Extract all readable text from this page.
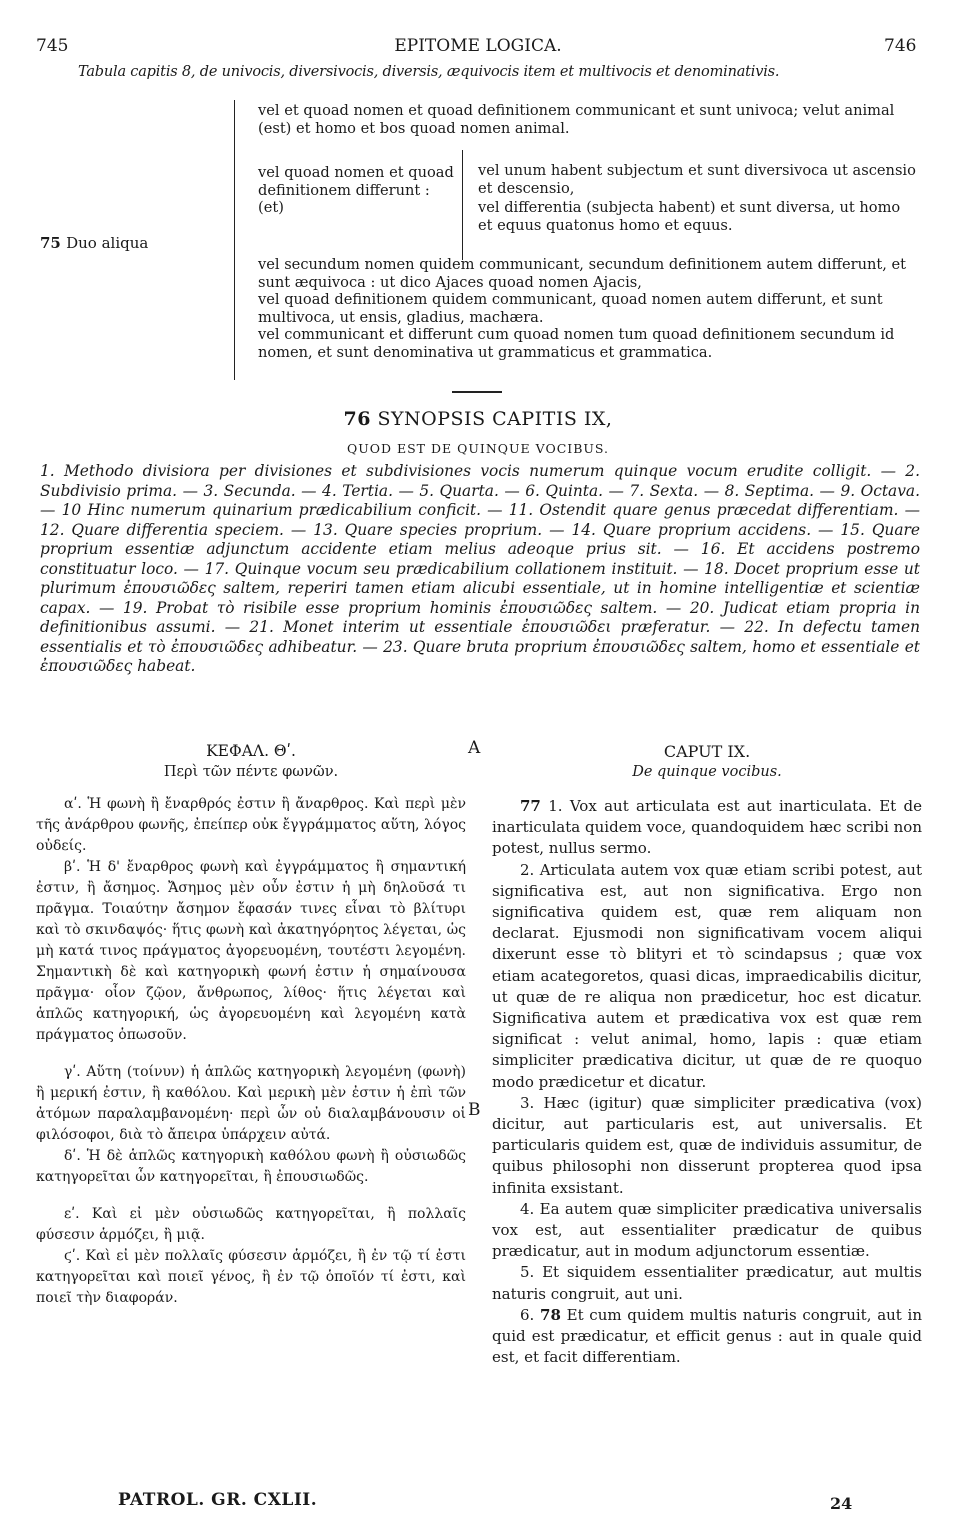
745	EPITOME LOGICA.	746
Tabula capitis 8, de univocis, diversivocis, diversis, æquivocis item et multivocis et denominativis.
75 Duo aliqua
vel et quoad nomen et quoad definitionem communicant et sunt univoca; velut animal (est) et homo et bos quoad nomen animal.
vel quoad nomen et quoad definitionem differunt : (et)
vel unum habent subjectum et sunt diversivoca ut ascensio et descensio,
vel differentia (subjecta habent) et sunt diversa, ut homo et equus quatonus homo et equus.
vel secundum nomen quidem communicant, secundum definitionem autem differunt, et sunt æquivoca : ut dico Ajaces quoad nomen Ajacis,
vel quoad definitionem quidem communicant, quoad nomen autem differunt, et sunt multivoca, ut ensis, gladius, machæra.
vel communicant et differunt cum quoad nomen tum quoad definitionem secundum id nomen, et sunt denominativa ut grammaticus et grammatica.
76 SYNOPSIS CAPITIS IX,
QUOD EST DE QUINQUE VOCIBUS.
1. Methodo divisiora per divisiones et subdivisiones vocis numerum quinque vocum erudite colligit. — 2. Subdivisio prima. — 3. Secunda. — 4. Tertia. — 5. Quarta. — 6. Quinta. — 7. Sexta. — 8. Septima. — 9. Octava. — 10 Hinc numerum quinarium prædicabilium conficit. — 11. Ostendit quare genus præcedat differentiam. — 12. Quare differentia speciem. — 13. Quare species proprium. — 14. Quare proprium accidens. — 15. Quare proprium essentiæ adjunctum accidente etiam melius adeoque prius sit. — 16. Et accidens postremo constituatur loco. — 17. Quinque vocum seu prædicabilium collationem instituit. — 18. Docet proprium esse ut plurimum ἐπουσιῶδες saltem, reperiri tamen etiam alicubi essentiale, ut in homine intelligentiæ et scientiæ capax. — 19. Probat τὸ risibile esse proprium hominis ἐπουσιῶδες saltem. — 20. Judicat etiam propria in definitionibus assumi. — 21. Monet interim ut essentiale ἐπουσιῶδει præferatur. — 22. In defectu tamen essentialis et τὸ ἐπουσιῶδες adhibeatur. — 23. Quare bruta proprium ἐπουσιῶδες saltem, homo et essentiale et ἐπουσιῶδες habeat.
ΚΕΦΑΛ. Θʹ.
Περὶ τῶν πέντε φωνῶν.
CAPUT IX.
De quinque vocibus.
A
B

αʹ. Ἡ φωνὴ ἢ ἔναρθρός ἐστιν ἢ ἄναρθρος. Καὶ περὶ μὲν τῆς ἀνάρθρου φωνῆς, ἐπείπερ οὐκ ἔγγράμματος αὕτη, λόγος οὐδείς.

βʹ. Ἡ δ' ἔναρθρος φωνὴ καὶ ἐγγράμματος ἢ σημαντική ἐστιν, ἢ ἄσημος. Ἄσημος μὲν οὖν ἐστιν ἡ μὴ δηλοῦσά τι πρᾶγμα. Τοιαύτην ἄσημον ἔφασάν τινες εἶναι τὸ βλίτυρι καὶ τὸ σκινδαψός· ἥτις φωνὴ καὶ ἀκατηγόρητος λέγεται, ὡς μὴ κατά τινος πράγματος ἀγορευομένη, τουτέστι λεγομένη. Σημαντικὴ δὲ καὶ κατηγορικὴ φωνή ἐστιν ἡ σημαίνουσα πρᾶγμα· οἷον ζῷον, ἄνθρωπος, λίθος· ἥτις λέγεται καὶ ἁπλῶς κατηγορική, ὡς ἀγορευομένη καὶ λεγομένη κατὰ πράγματος ὁπωσοῦν.

γʹ. Αὕτη (τοίνυν) ἡ ἁπλῶς κατηγορικὴ λεγομένη (φωνὴ) ἢ μερική ἐστιν, ἢ καθόλου. Καὶ μερικὴ μὲν ἐστιν ἡ ἐπὶ τῶν ἀτόμων παραλαμβανομένη· περὶ ὧν οὐ διαλαμβάνουσιν οἱ φιλόσοφοι, διὰ τὸ ἄπειρα ὑπάρχειν αὐτά.

δʹ. Ἡ δὲ ἁπλῶς κατηγορικὴ καθόλου φωνὴ ἢ οὐσιωδῶς κατηγορεῖται ὧν κατηγορεῖται, ἢ ἐπουσιωδῶς.

εʹ. Καὶ εἰ μὲν οὐσιωδῶς κατηγορεῖται, ἢ πολλαῖς φύσεσιν ἁρμόζει, ἢ μιᾷ.

ϛʹ. Καὶ εἰ μὲν πολλαῖς φύσεσιν ἁρμόζει, ἢ ἐν τῷ τί ἐστι κατηγορεῖται καὶ ποιεῖ γένος, ἢ ἐν τῷ ὁποῖόν τί ἐστι, καὶ ποιεῖ τὴν διαφοράν.

77 1. Vox aut articulata est aut inarticulata. Et de inarticulata quidem voce, quandoquidem hæc scribi non potest, nullus sermo.

2. Articulata autem vox quæ etiam scribi potest, aut significativa est, aut non significativa. Ergo non significativa quidem est, quæ rem aliquam non declarat. Ejusmodi non significativam vocem aliqui dixerunt esse τὸ blityri et τὸ scindapsus ; quæ vox etiam acategoretos, quasi dicas, impraedicabilis dicitur, ut quæ de re aliqua non prædicetur, hoc est dicatur. Significativa autem et prædicativa vox est quæ rem significat : velut animal, homo, lapis : quæ etiam simpliciter prædicativa dicitur, ut quæ de re quoquo modo prædicetur et dicatur.

3. Hæc (igitur) quæ simpliciter prædicativa (vox) dicitur, aut particularis est, aut universalis. Et particularis quidem est, quæ de individuis assumitur, de quibus philosophi non disserunt propterea quod ipsa infinita exsistant.

4. Ea autem quæ simpliciter prædicativa universalis vox est, aut essentialiter prædicatur de quibus prædicatur, aut in modum adjunctorum essentiæ.

5. Et siquidem essentialiter prædicatur, aut multis naturis congruit, aut uni.

6. 78 Et cum quidem multis naturis congruit, aut in quid est prædicatur, et efficit genus : aut in quale quid est, et facit differentiam.

PATROL. GR. CXLII.	24
